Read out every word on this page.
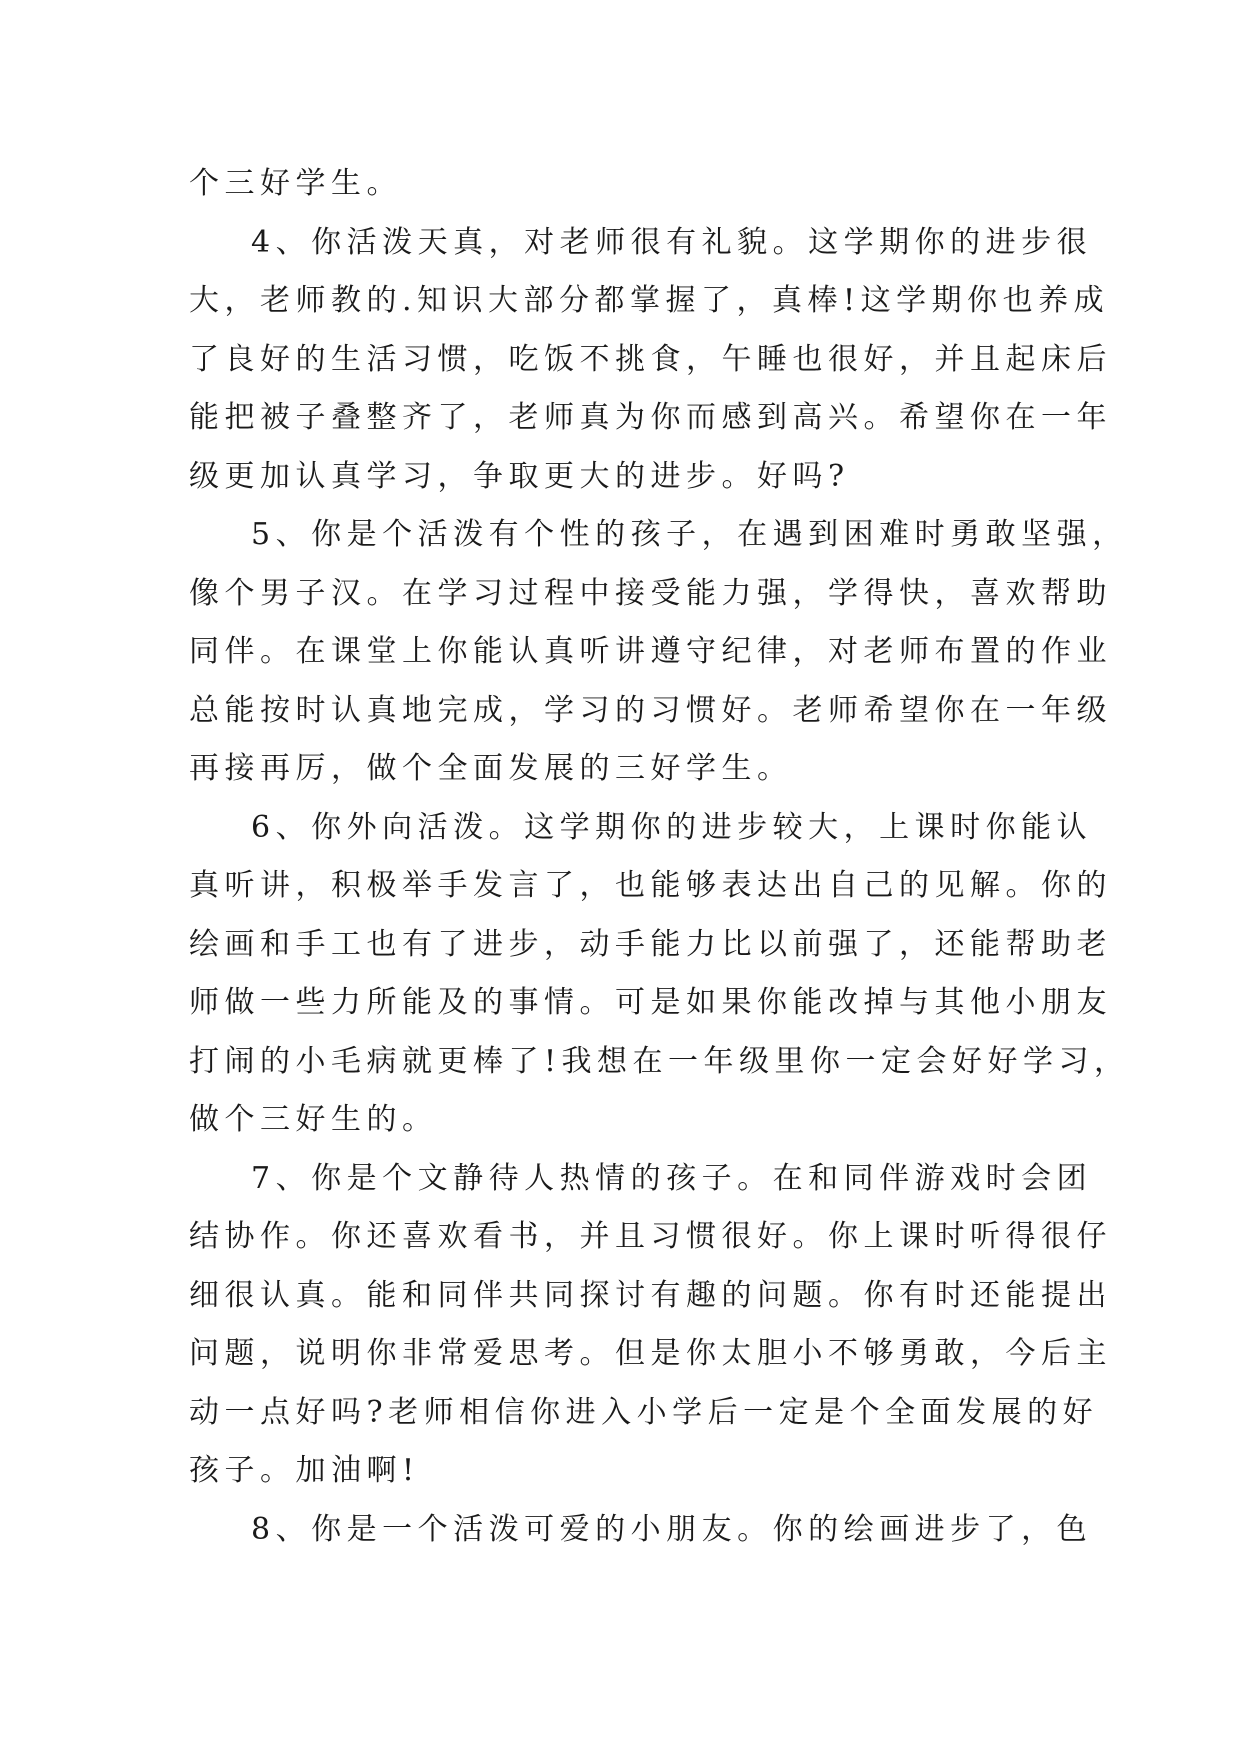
个三好学生。

4、你活泼天真，对老师很有礼貌。这学期你的进步很
大，老师教的.知识大部分都掌握了，真棒!这学期你也养成
了良好的生活习惯，吃饭不挑食，午睡也很好，并且起床后
能把被子叠整齐了，老师真为你而感到高兴。希望你在一年
级更加认真学习，争取更大的进步。好吗?

5、你是个活泼有个性的孩子，在遇到困难时勇敢坚强，
像个男子汉。在学习过程中接受能力强，学得快，喜欢帮助
同伴。在课堂上你能认真听讲遵守纪律，对老师布置的作业
总能按时认真地完成，学习的习惯好。老师希望你在一年级
再接再厉，做个全面发展的三好学生。

6、你外向活泼。这学期你的进步较大，上课时你能认
真听讲，积极举手发言了，也能够表达出自己的见解。你的
绘画和手工也有了进步，动手能力比以前强了，还能帮助老
师做一些力所能及的事情。可是如果你能改掉与其他小朋友
打闹的小毛病就更棒了!我想在一年级里你一定会好好学习，
做个三好生的。

7、你是个文静待人热情的孩子。在和同伴游戏时会团
结协作。你还喜欢看书，并且习惯很好。你上课时听得很仔
细很认真。能和同伴共同探讨有趣的问题。你有时还能提出
问题，说明你非常爱思考。但是你太胆小不够勇敢，今后主
动一点好吗?老师相信你进入小学后一定是个全面发展的好
孩子。加油啊!

8、你是一个活泼可爱的小朋友。你的绘画进步了，色
